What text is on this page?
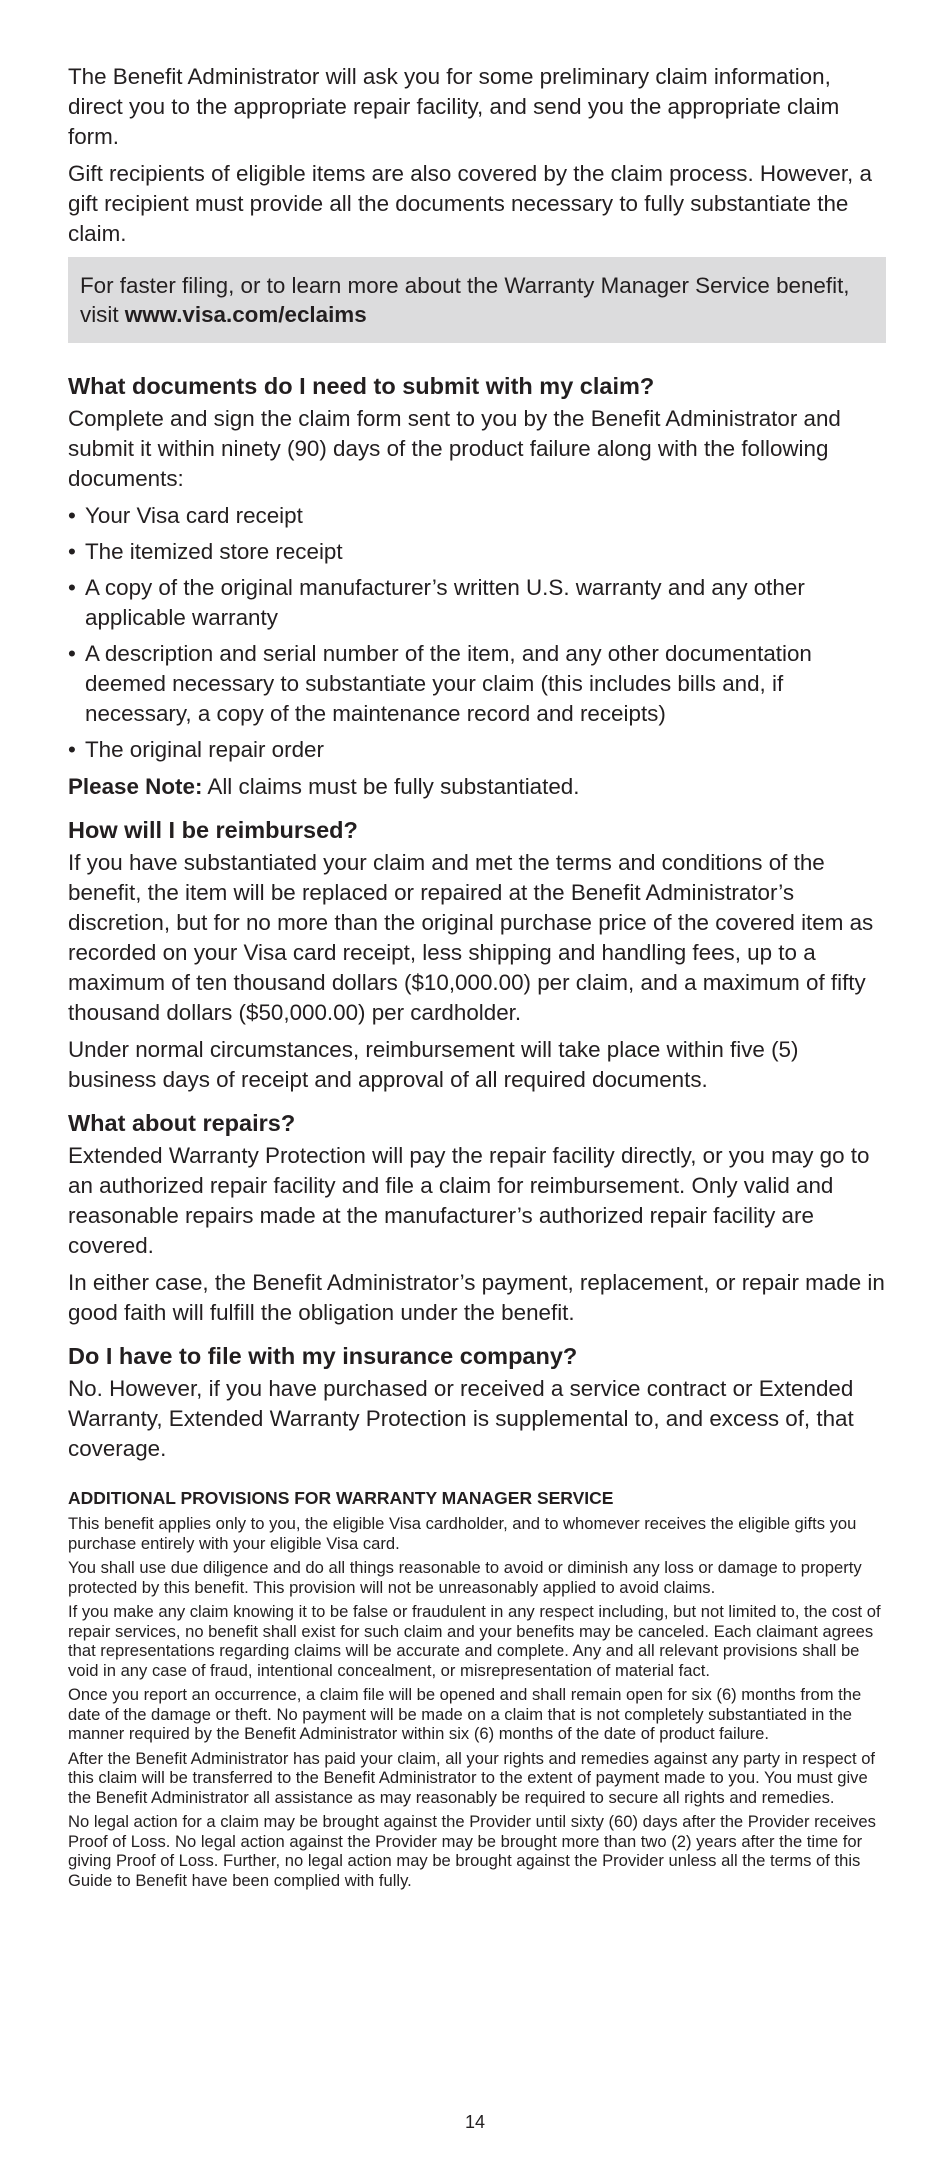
The Benefit Administrator will ask you for some preliminary claim information, direct you to the appropriate repair facility, and send you the appropriate claim form.

Gift recipients of eligible items are also covered by the claim process. However, a gift recipient must provide all the documents necessary to fully substantiate the claim.

For faster filing, or to learn more about the Warranty Manager Service benefit, visit www.visa.com/eclaims
What documents do I need to submit with my claim?

Complete and sign the claim form sent to you by the Benefit Administrator and submit it within ninety (90) days of the product failure along with the following documents:

• Your Visa card receipt
• The itemized store receipt
• A copy of the original manufacturer’s written U.S. warranty and any other applicable warranty
• A description and serial number of the item, and any other documentation deemed necessary to substantiate your claim (this includes bills and, if necessary, a copy of the maintenance record and receipts)
• The original repair order

Please Note: All claims must be fully substantiated.

How will I be reimbursed?

If you have substantiated your claim and met the terms and conditions of the benefit, the item will be replaced or repaired at the Benefit Administrator’s discretion, but for no more than the original purchase price of the covered item as recorded on your Visa card receipt, less shipping and handling fees, up to a maximum of ten thousand dollars ($10,000.00) per claim, and a maximum of fifty thousand dollars ($50,000.00) per cardholder.

Under normal circumstances, reimbursement will take place within five (5) business days of receipt and approval of all required documents.

What about repairs?

Extended Warranty Protection will pay the repair facility directly, or you may go to an authorized repair facility and file a claim for reimbursement. Only valid and reasonable repairs made at the manufacturer’s authorized repair facility are covered.

In either case, the Benefit Administrator’s payment, replacement, or repair made in good faith will fulfill the obligation under the benefit.

Do I have to file with my insurance company?

No. However, if you have purchased or received a service contract or Extended Warranty, Extended Warranty Protection is supplemental to, and excess of, that coverage.

ADDITIONAL PROVISIONS FOR WARRANTY MANAGER SERVICE

This benefit applies only to you, the eligible Visa cardholder, and to whomever receives the eligible gifts you purchase entirely with your eligible Visa card.

You shall use due diligence and do all things reasonable to avoid or diminish any loss or damage to property protected by this benefit. This provision will not be unreasonably applied to avoid claims.

If you make any claim knowing it to be false or fraudulent in any respect including, but not limited to, the cost of repair services, no benefit shall exist for such claim and your benefits may be canceled. Each claimant agrees that representations regarding claims will be accurate and complete. Any and all relevant provisions shall be void in any case of fraud, intentional concealment, or misrepresentation of material fact.

Once you report an occurrence, a claim file will be opened and shall remain open for six (6) months from the date of the damage or theft. No payment will be made on a claim that is not completely substantiated in the manner required by the Benefit Administrator within six (6) months of the date of product failure.

After the Benefit Administrator has paid your claim, all your rights and remedies against any party in respect of this claim will be transferred to the Benefit Administrator to the extent of payment made to you. You must give the Benefit Administrator all assistance as may reasonably be required to secure all rights and remedies.

No legal action for a claim may be brought against the Provider until sixty (60) days after the Provider receives Proof of Loss. No legal action against the Provider may be brought more than two (2) years after the time for giving Proof of Loss. Further, no legal action may be brought against the Provider unless all the terms of this Guide to Benefit have been complied with fully.

14
